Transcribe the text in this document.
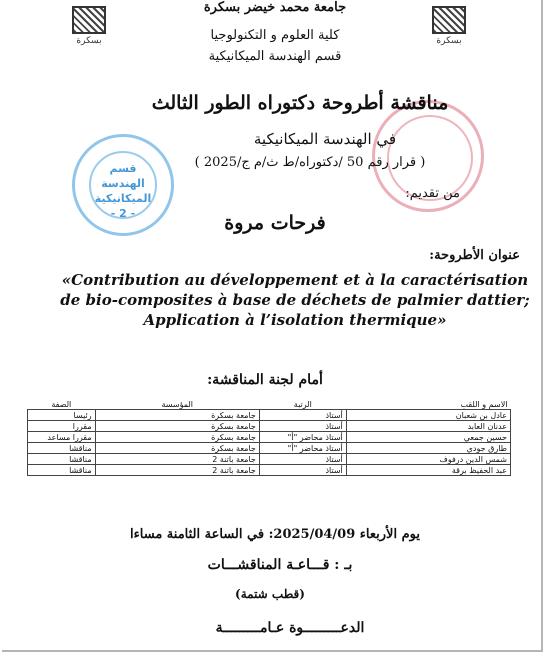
بسكرة	بسكرة
جامعة محمد خيضر بسكرة
كلية العلوم و التكنولوجيا
قسم الهندسة الميكانيكية
قسم الهندسة
الميكانيكية
- 2 -
مناقشة أطروحة دكتوراه الطور الثالث
في الهندسة الميكانيكية
( قرار رقم 50 /دكتوراه/ط ث/م ج/2025 )
من تقديم:
فرحات مروة
عنوان الأطروحة:
«Contribution au développement et à la caractérisation de bio-composites à base de déchets de palmier dattier; Application à l’isolation thermique»
أمام لجنة المناقشة:
الاسم و اللقب	الرتبة	المؤسسة	الصفة
عادل بن شعبان	أستاذ	جامعة بسكرة	رئيسا
عدنان العابد	أستاذ	جامعة بسكرة	مقررا
حسين جمعي	أستاذ محاضر "أ"	جامعة بسكرة	مقررا مساعد
طارق جودي	أستاذ محاضر "أ"	جامعة بسكرة	مناقشا
شمس الدين درفوف	أستاذ	جامعة باتنة 2	مناقشا
عبد الحفيظ برقة	أستاذ	جامعة باتنة 2	مناقشا
يوم الأربعاء 2025/04/09: في الساعة الثامنة مساءا
بـ : قـــاعـة المناقشـــات
(قطب شتمة)
الدعـــــــــوة عـامـــــــــة
